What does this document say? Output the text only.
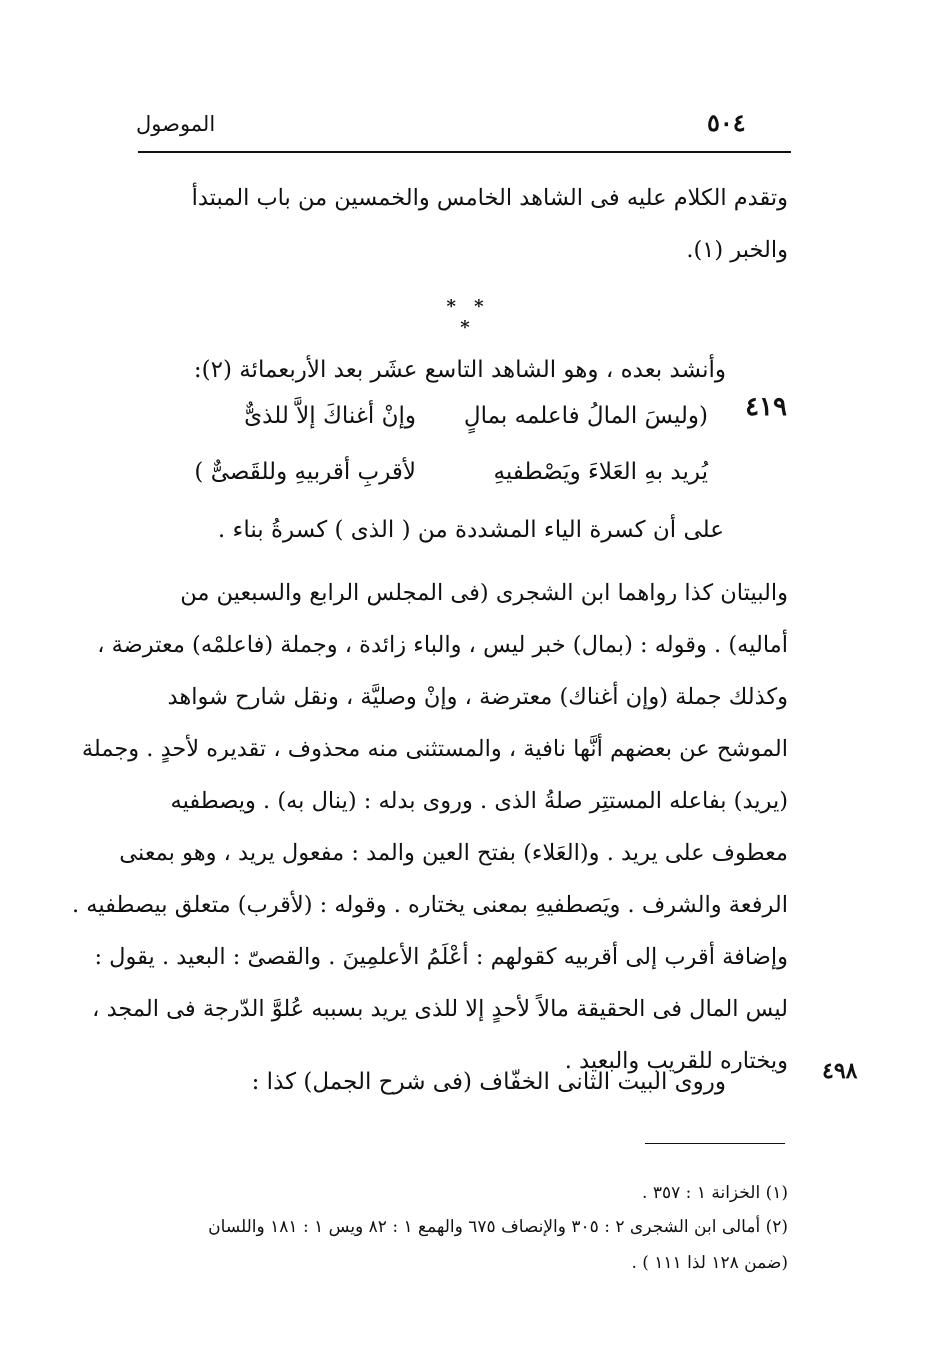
٥٠٤
الموصول
وتقدم الكلام عليه فى الشاهد الخامس والخمسين من باب المبتدأ
والخبر (١).
* * *
وأنشد بعده ، وهو الشاهد التاسع عشَر بعد الأربعمائة (٢):
٤١٩
(وليسَ المالُ فاعلمه بمالٍ
وإنْ أغناكَ إلاَّ للذىٌّ
يُريد بهِ العَلاءَ ويَصْطفيهِ
لأقربِ أقربيهِ وللقَصىٌّ )
على أن كسرة الياء المشددة من ( الذى ) كسرةُ بناء .
والبيتان كذا رواهما ابن الشجرى (فى المجلس الرابع والسبعين من
أماليه) . وقوله : (بمال) خبر ليس ، والباء زائدة ، وجملة (فاعلمْه) معترضة ،
وكذلك جملة (وإن أغناك) معترضة ، وإنْ وصليَّة ، ونقل شارح شواهد
الموشح عن بعضهم أنَّها نافية ، والمستثنى منه محذوف ، تقديره لأحدٍ . وجملة
(يريد) بفاعله المستتِر صلةُ الذى . وروى بدله : (ينال به) . ويصطفيه
معطوف على يريد . و(العَلاء) بفتح العين والمد : مفعول يريد ، وهو بمعنى
الرفعة والشرف . ويَصطفيهِ بمعنى يختاره . وقوله : (لأقرب) متعلق بيصطفيه .
وإضافة أقرب إلى أقربيه كقولهم : أعْلَمُ الأعلمِينَ . والقصىّ : البعيد . يقول :
ليس المال فى الحقيقة مالاً لأحدٍ إلا للذى يريد بسببه عُلوَّ الدّرجة فى المجد ،
ويختاره للقريب والبعيد .
وروى البيت الثانى الخفّاف (فى شرح الجمل) كذا :	٤٩٨
(١) الخزانة ١ : ٣٥٧ .
(٢) أمالى ابن الشجرى ٢ : ٣٠٥ والإنصاف ٦٧٥ والهمع ١ : ٨٢ ويس ١ : ١٨١ واللسان
(ضمن ١٢٨ لذا ١١١ ) .
